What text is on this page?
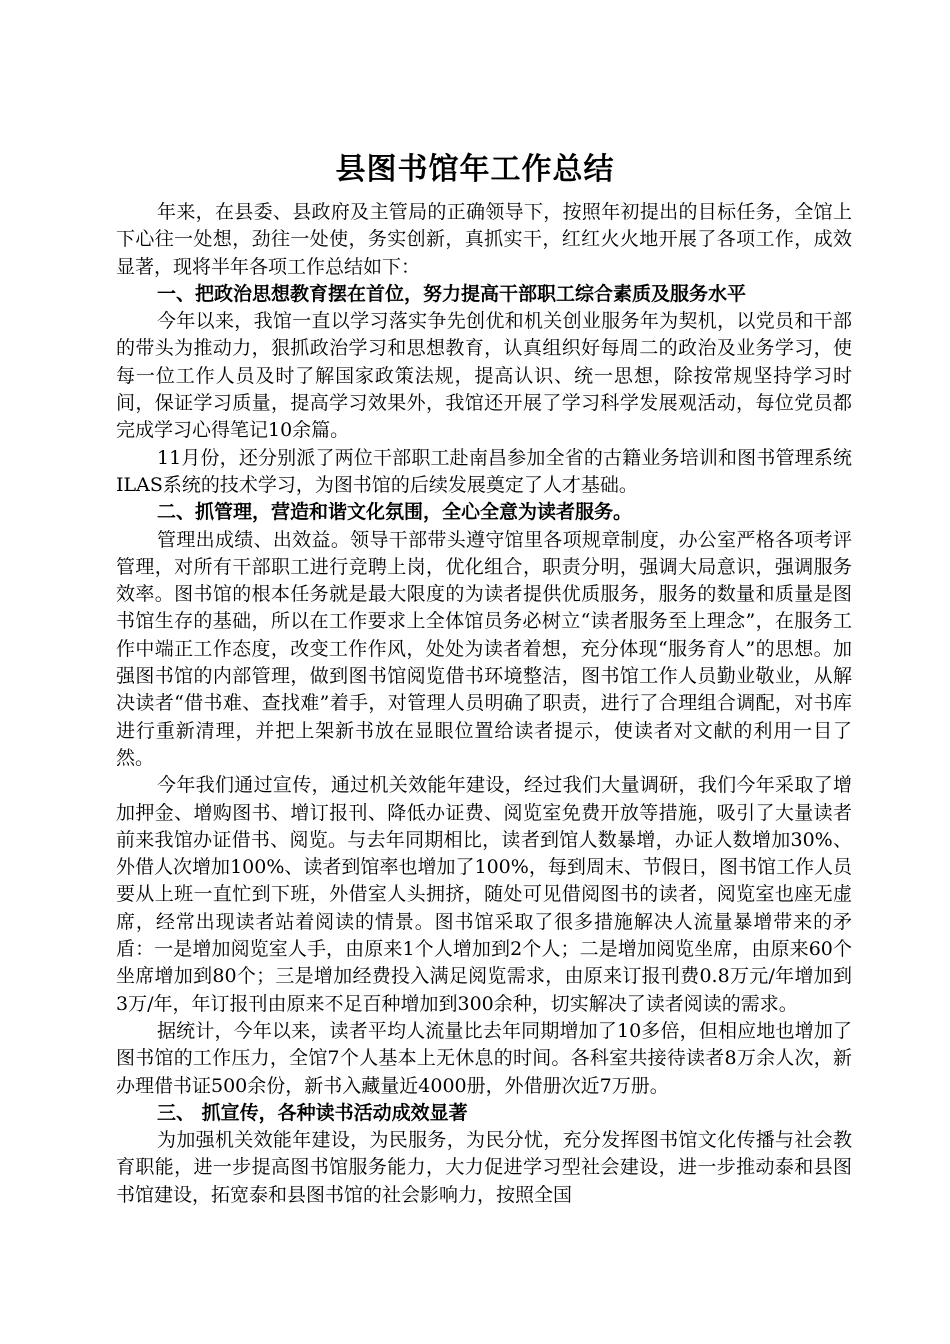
县图书馆年工作总结

年来，在县委、县政府及主管局的正确领导下，按照年初提出的目标任务，全馆上下心往一处想，劲往一处使，务实创新，真抓实干，红红火火地开展了各项工作，成效显著，现将半年各项工作总结如下：

一、把政治思想教育摆在首位，努力提高干部职工综合素质及服务水平

今年以来，我馆一直以学习落实争先创优和机关创业服务年为契机，以党员和干部的带头为推动力，狠抓政治学习和思想教育，认真组织好每周二的政治及业务学习，使每一位工作人员及时了解国家政策法规，提高认识、统一思想，除按常规坚持学习时间，保证学习质量，提高学习效果外，我馆还开展了学习科学发展观活动，每位党员都完成学习心得笔记10余篇。

11月份，还分别派了两位干部职工赴南昌参加全省的古籍业务培训和图书管理系统ILAS系统的技术学习，为图书馆的后续发展奠定了人才基础。

二、抓管理，营造和谐文化氛围，全心全意为读者服务。

管理出成绩、出效益。领导干部带头遵守馆里各项规章制度，办公室严格各项考评管理，对所有干部职工进行竞聘上岗，优化组合，职责分明，强调大局意识，强调服务效率。图书馆的根本任务就是最大限度的为读者提供优质服务，服务的数量和质量是图书馆生存的基础，所以在工作要求上全体馆员务必树立“读者服务至上理念”，在服务工作中端正工作态度，改变工作作风，处处为读者着想，充分体现“服务育人”的思想。加强图书馆的内部管理，做到图书馆阅览借书环境整洁，图书馆工作人员勤业敬业，从解决读者“借书难、查找难”着手，对管理人员明确了职责，进行了合理组合调配，对书库进行重新清理，并把上架新书放在显眼位置给读者提示，使读者对文献的利用一目了然。

今年我们通过宣传，通过机关效能年建设，经过我们大量调研，我们今年采取了增加押金、增购图书、增订报刊、降低办证费、阅览室免费开放等措施，吸引了大量读者前来我馆办证借书、阅览。与去年同期相比，读者到馆人数暴增，办证人数增加30%、外借人次增加100%、读者到馆率也增加了100%，每到周末、节假日，图书馆工作人员要从上班一直忙到下班，外借室人头拥挤，随处可见借阅图书的读者，阅览室也座无虚席，经常出现读者站着阅读的情景。图书馆采取了很多措施解决人流量暴增带来的矛盾：一是增加阅览室人手，由原来1个人增加到2个人；二是增加阅览坐席，由原来60个坐席增加到80个；三是增加经费投入满足阅览需求，由原来订报刊费0.8万元/年增加到3万/年，年订报刊由原来不足百种增加到300余种，切实解决了读者阅读的需求。

据统计，今年以来，读者平均人流量比去年同期增加了10多倍，但相应地也增加了图书馆的工作压力，全馆7个人基本上无休息的时间。各科室共接待读者8万余人次，新办理借书证500余份，新书入藏量近4000册，外借册次近7万册。

三、 抓宣传，各种读书活动成效显著

为加强机关效能年建设，为民服务，为民分忧，充分发挥图书馆文化传播与社会教育职能，进一步提高图书馆服务能力，大力促进学习型社会建设，进一步推动泰和县图书馆建设，拓宽泰和县图书馆的社会影响力，按照全国
